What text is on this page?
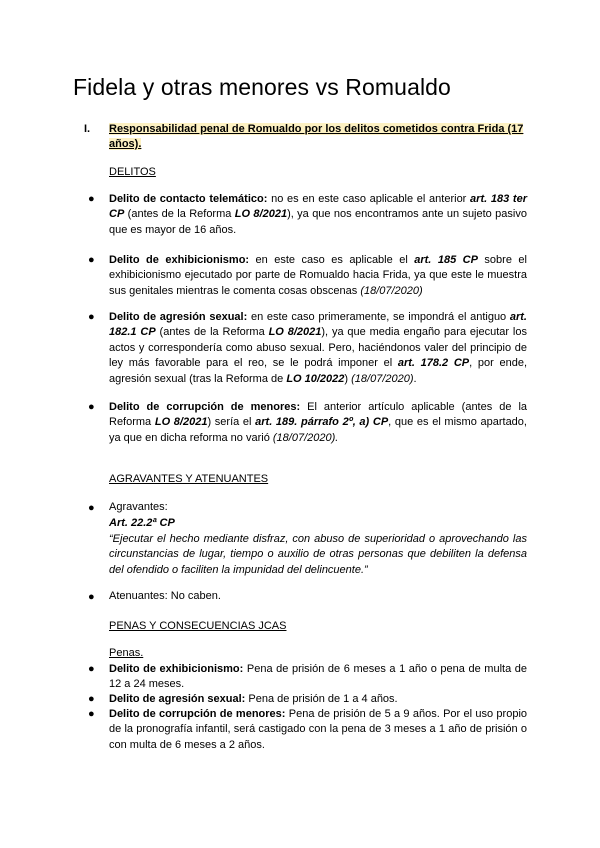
Fidela y otras menores vs Romualdo
I. Responsabilidad penal de Romualdo por los delitos cometidos contra Frida (17 años).
DELITOS
● Delito de contacto telemático: no es en este caso aplicable el anterior art. 183 ter CP (antes de la Reforma LO 8/2021), ya que nos encontramos ante un sujeto pasivo que es mayor de 16 años.
● Delito de exhibicionismo: en este caso es aplicable el art. 185 CP sobre el exhibicionismo ejecutado por parte de Romualdo hacia Frida, ya que este le muestra sus genitales mientras le comenta cosas obscenas (18/07/2020)
● Delito de agresión sexual: en este caso primeramente, se impondrá el antiguo art. 182.1 CP (antes de la Reforma LO 8/2021), ya que media engaño para ejecutar los actos y correspondería como abuso sexual. Pero, haciéndonos valer del principio de ley más favorable para el reo, se le podrá imponer el art. 178.2 CP, por ende, agresión sexual (tras la Reforma de LO 10/2022) (18/07/2020).
● Delito de corrupción de menores: El anterior artículo aplicable (antes de la Reforma LO 8/2021) sería el art. 189. párrafo 2º, a) CP, que es el mismo apartado, ya que en dicha reforma no varió (18/07/2020).
AGRAVANTES Y ATENUANTES
● Agravantes:
Art. 22.2ª CP
“Ejecutar el hecho mediante disfraz, con abuso de superioridad o aprovechando las circunstancias de lugar, tiempo o auxilio de otras personas que debiliten la defensa del ofendido o faciliten la impunidad del delincuente.”
● Atenuantes: No caben.
PENAS Y CONSECUENCIAS JCAS
Penas.
● Delito de exhibicionismo: Pena de prisión de 6 meses a 1 año o pena de multa de 12 a 24 meses.
● Delito de agresión sexual: Pena de prisión de 1 a 4 años.
● Delito de corrupción de menores: Pena de prisión de 5 a 9 años. Por el uso propio de la pronografía infantil, será castigado con la pena de 3 meses a 1 año de prisión o con multa de 6 meses a 2 años.
